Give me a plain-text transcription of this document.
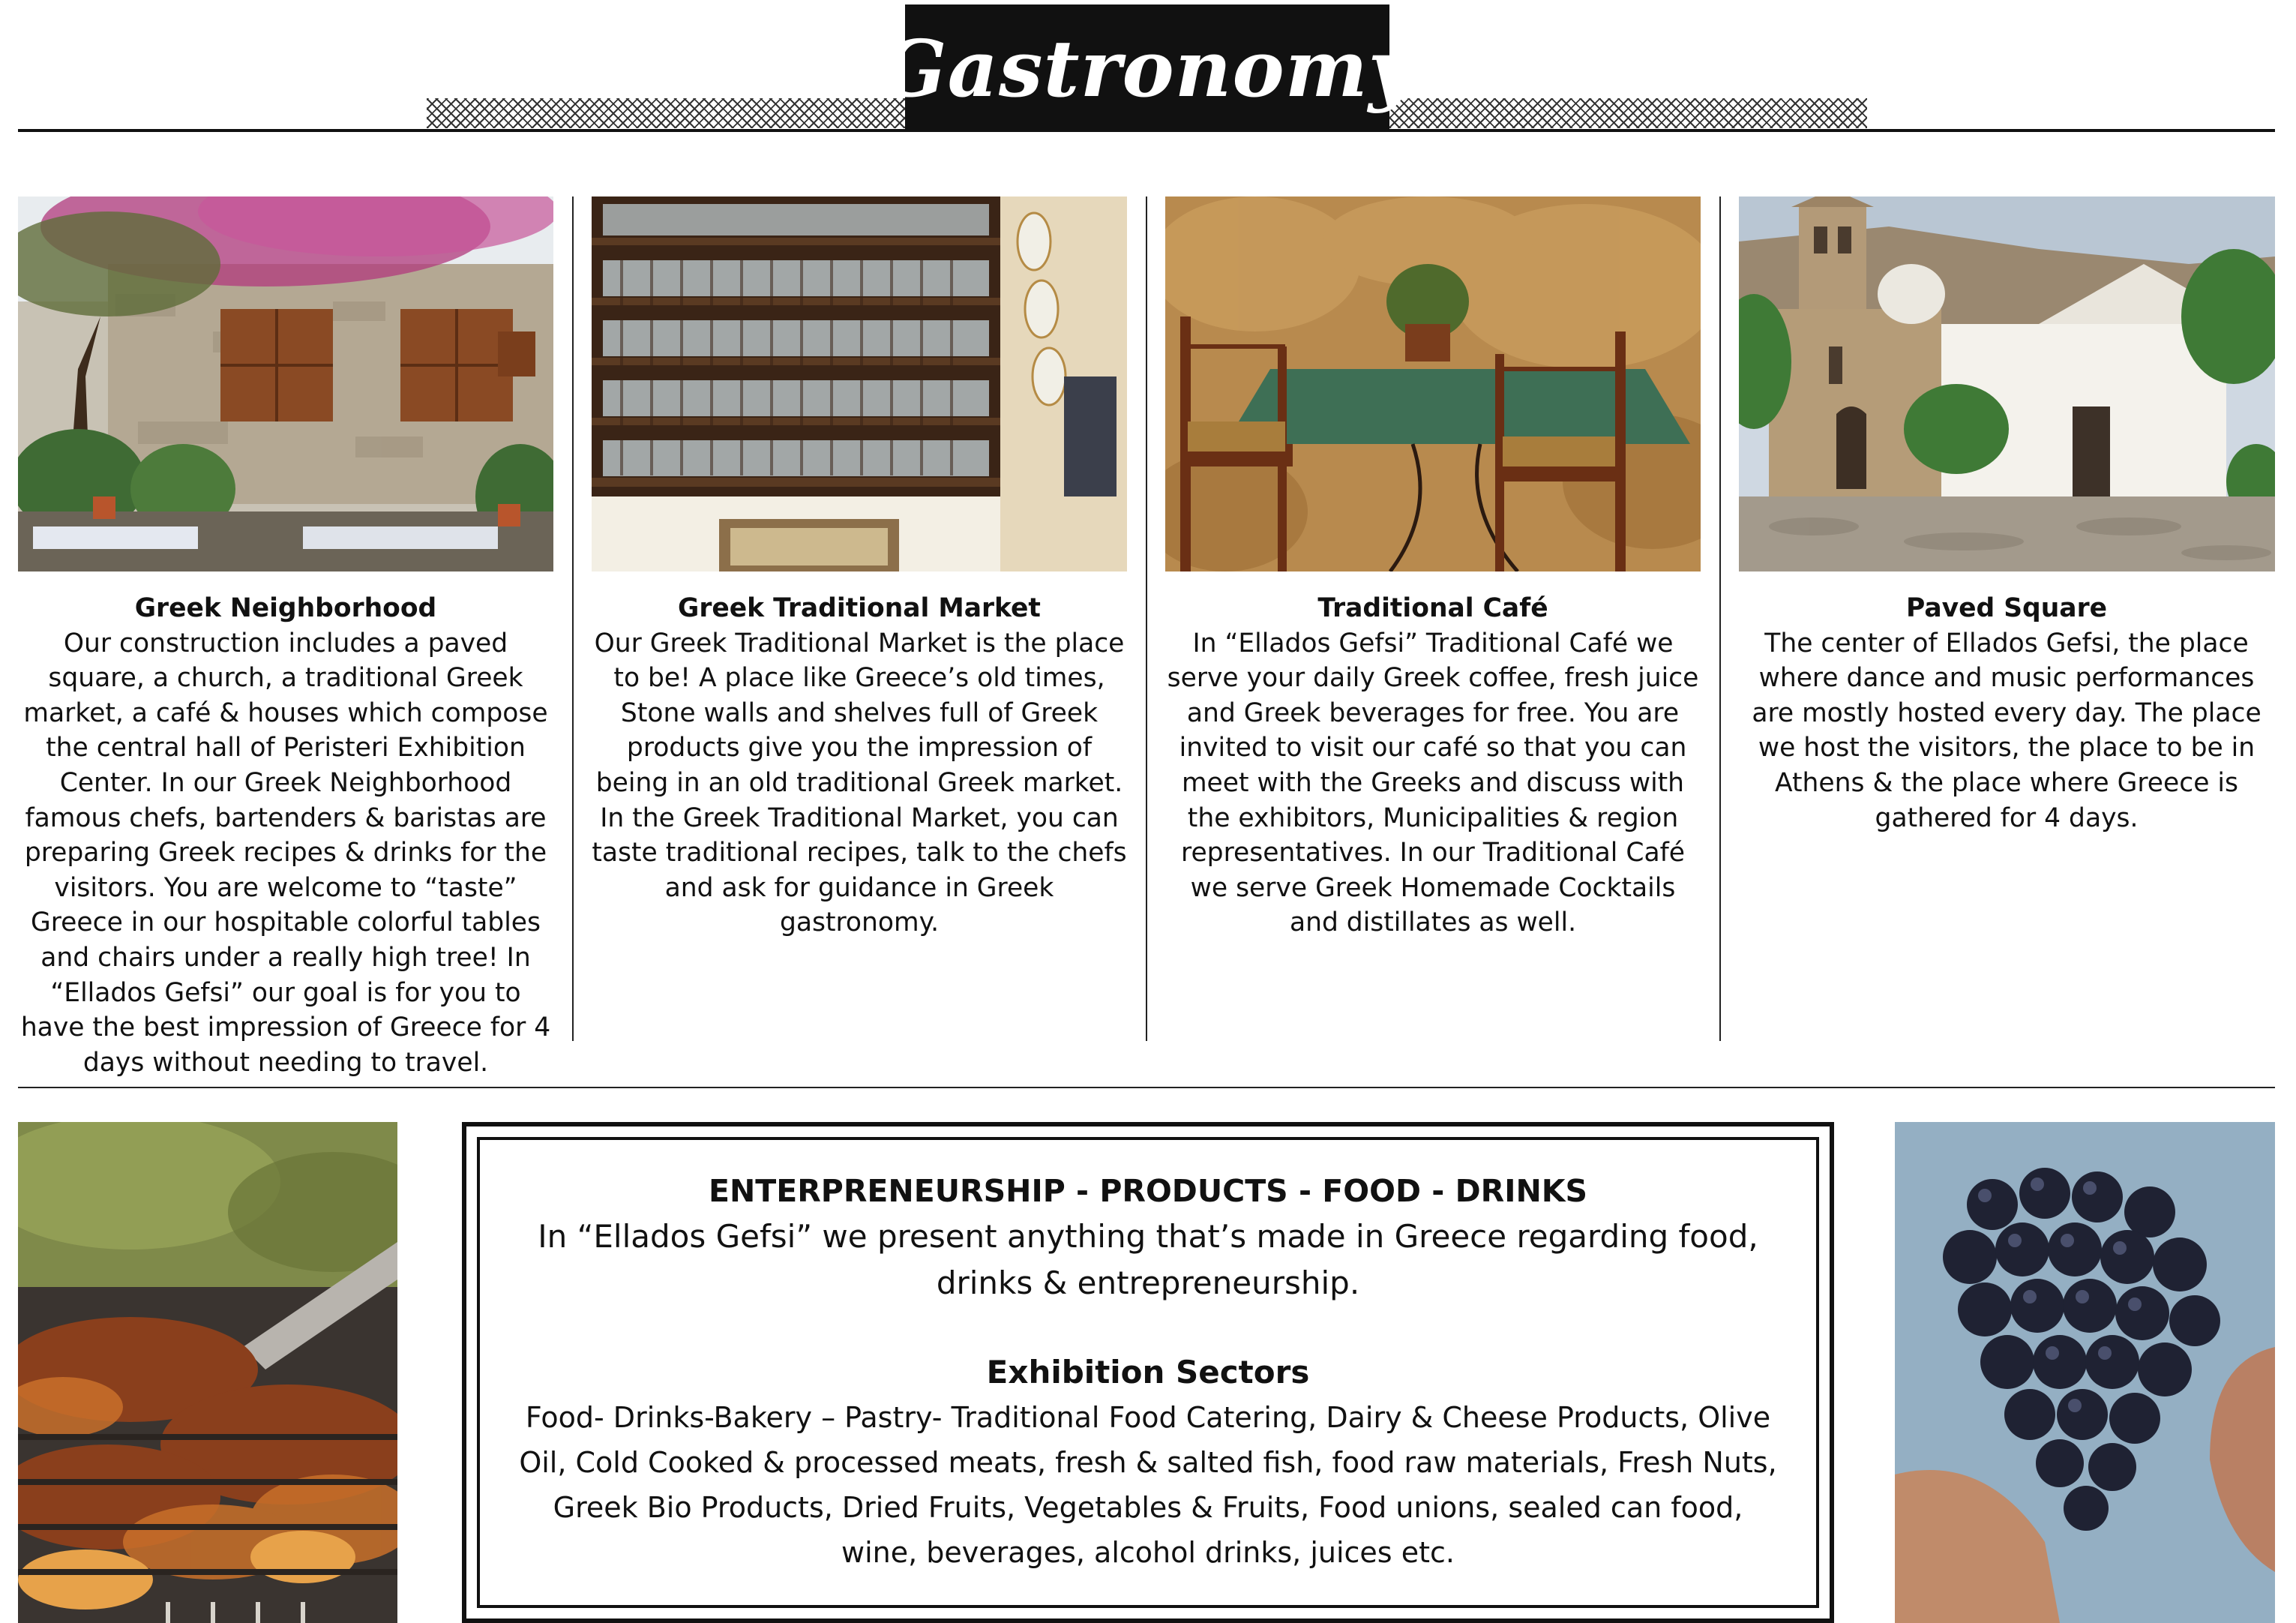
Gastronomy
Greek Neighborhood
Our construction includes a paved square, a church, a traditional Greek market, a café & houses which compose the central hall of Peristeri Exhibition Center. In our Greek Neighborhood famous chefs, bartenders & baristas are preparing Greek recipes & drinks for the visitors. You are welcome to “taste” Greece in our hospitable colorful tables and chairs under a really high tree! In “Ellados Gefsi” our goal is for you to have the best impression of Greece for 4 days without needing to travel.
Greek Traditional Market
Our Greek Traditional Market is the place to be! A place like Greece’s old times, Stone walls and shelves full of Greek products give you the impression of being in an old traditional Greek market. In the Greek Traditional Market, you can taste traditional recipes, talk to the chefs and ask for guidance in Greek gastronomy.
Traditional Café
In “Ellados Gefsi” Traditional Café we serve your daily Greek coffee, fresh juice and Greek beverages for free. You are invited to visit our café so that you can meet with the Greeks and discuss with the exhibitors, Municipalities & region representatives. In our Traditional Café we serve Greek Homemade Cocktails and distillates as well.
Paved Square
The center of Ellados Gefsi, the place where dance and music performances are mostly hosted every day. The place we host the visitors, the place to be in Athens & the place where Greece is gathered for 4 days.
ENTERPRENEURSHIP - PRODUCTS - FOOD - DRINKS
In “Ellados Gefsi” we present anything that’s made in Greece regarding food, drinks & entrepreneurship.
Exhibition Sectors
Food- Drinks-Bakery – Pastry- Traditional Food Catering, Dairy & Cheese Products, Olive Oil, Cold Cooked & processed meats, fresh & salted fish, food raw materials, Fresh Nuts, Greek Bio Products, Dried Fruits, Vegetables & Fruits, Food unions, sealed can food, wine, beverages, alcohol drinks, juices etc.
